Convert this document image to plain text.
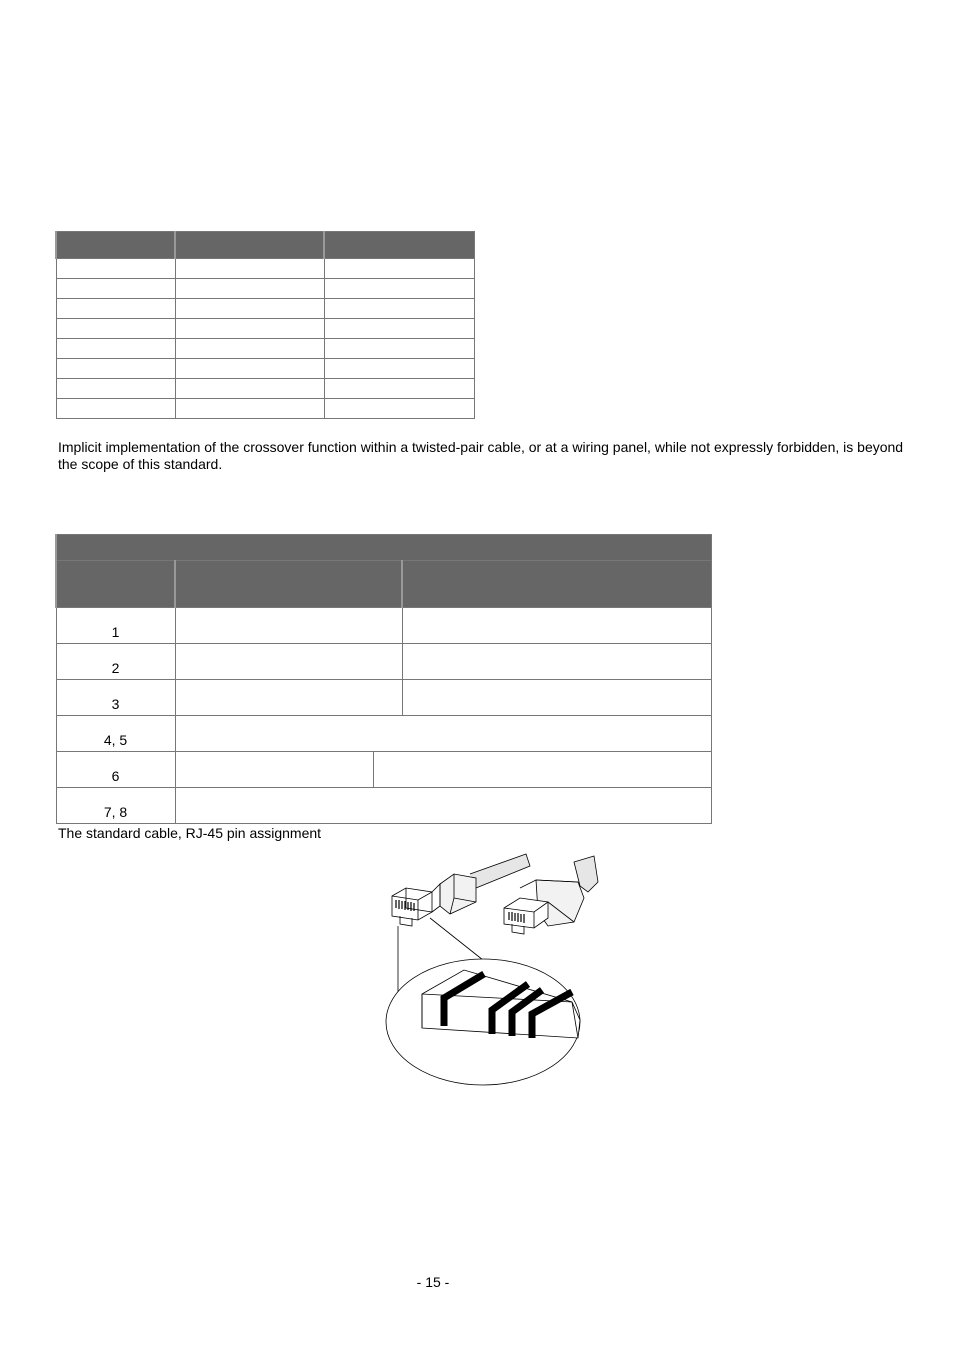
Implicit implementation of the crossover function within a twisted-pair cable, or at a wiring panel, while not expressly forbidden, is beyond the scope of this standard.

1			
2			
3			
4, 5			
6			
7, 8			
The standard cable, RJ-45 pin assignment
- 15 -
